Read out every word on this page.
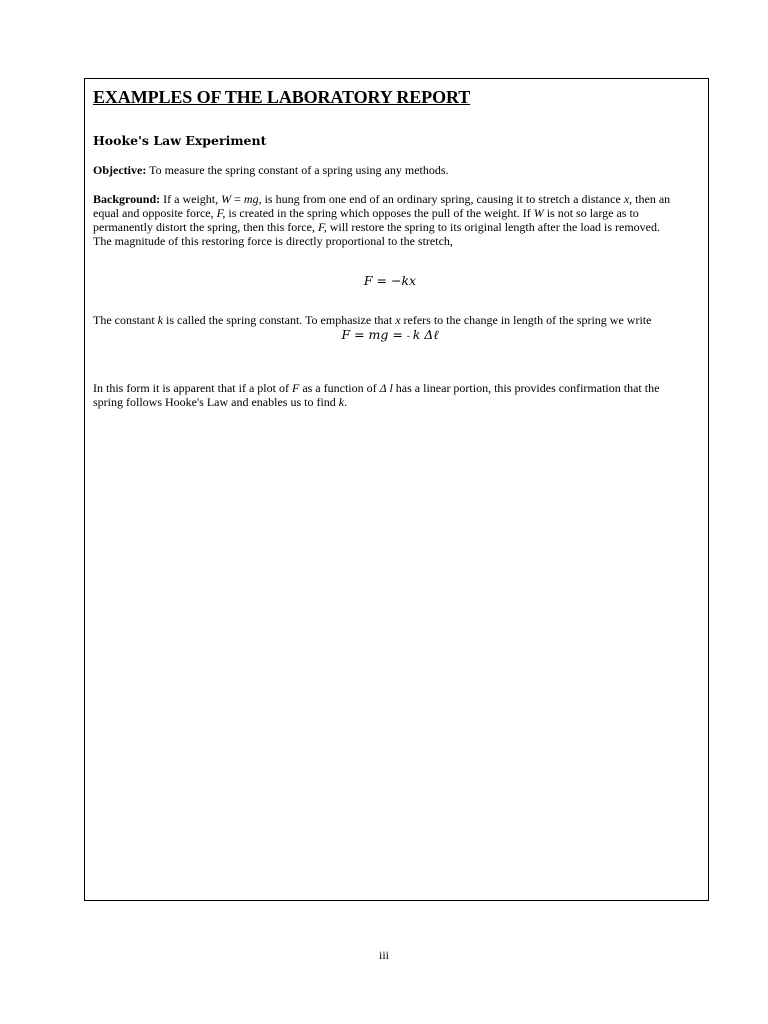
EXAMPLES OF THE LABORATORY REPORT
Hooke's Law Experiment

Objective: To measure the spring constant of a spring using any methods.

Background: If a weight, W = mg, is hung from one end of an ordinary spring, causing it to stretch a distance x, then an equal and opposite force, F, is created in the spring which opposes the pull of the weight. If W is not so large as to permanently distort the spring, then this force, F, will restore the spring to its original length after the load is removed. The magnitude of this restoring force is directly proportional to the stretch,

F = −kx

The constant k is called the spring constant. To emphasize that x refers to the change in length of the spring we write

F = mg = - k Δℓ

In this form it is apparent that if a plot of F as a function of Δ l has a linear portion, this provides confirmation that the spring follows Hooke's Law and enables us to find k.

iii
